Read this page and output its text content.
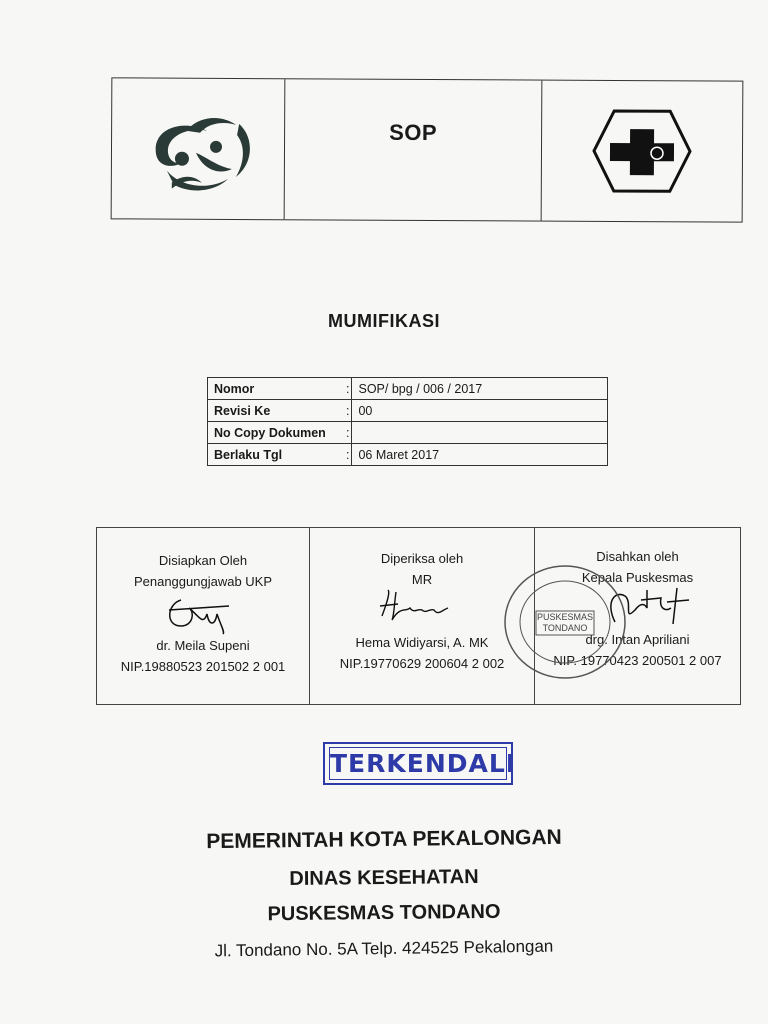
SOP
MUMIFIKASI
Nomor	:	SOP/ bpg / 006 / 2017
Revisi Ke	:	00
No Copy Dokumen	:	
Berlaku Tgl	:	06 Maret 2017
Disiapkan Oleh
Penanggungjawab UKP
dr. Meila Supeni
NIP.19880523 201502 2 001
Diperiksa oleh
MR
Hema Widiyarsi, A. MK
NIP.19770629 200604 2 002
Disahkan oleh
Kepala Puskesmas
drg. Intan Apriliani
NIP. 19770423 200501 2 007
PUSKESMAS
TONDANO
TERKENDALI
PEMERINTAH KOTA PEKALONGAN
DINAS KESEHATAN
PUSKESMAS TONDANO
Jl. Tondano No. 5A Telp. 424525 Pekalongan
